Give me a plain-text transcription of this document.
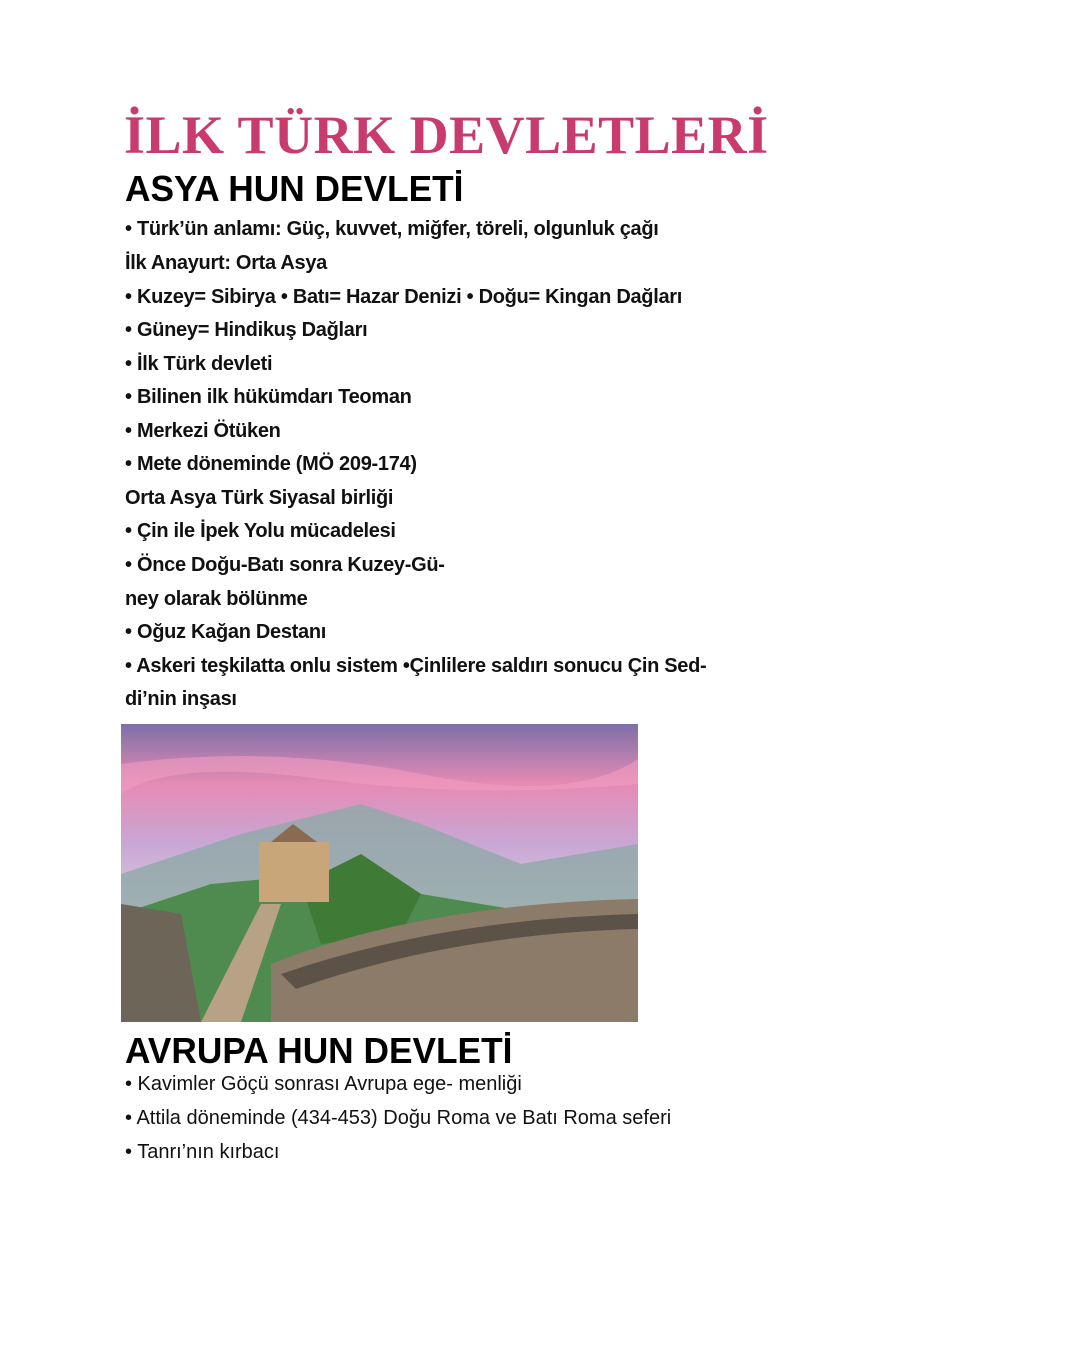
İLK TÜRK DEVLETLERİ
ASYA HUN DEVLETİ
• Türk’ün anlamı: Güç, kuvvet, miğfer, töreli, olgunluk çağı
İlk Anayurt: Orta Asya
• Kuzey= Sibirya • Batı= Hazar Denizi • Doğu= Kingan Dağları
• Güney= Hindikuş Dağları
• İlk Türk devleti
• Bilinen ilk hükümdarı Teoman
• Merkezi Ötüken
• Mete döneminde (MÖ 209-174)
Orta Asya Türk Siyasal birliği
• Çin ile İpek Yolu mücadelesi
• Önce Doğu-Batı sonra Kuzey-Gü-
ney olarak bölünme
• Oğuz Kağan Destanı
• Askeri teşkilatta onlu sistem •Çinlilere saldırı sonucu Çin Sed-
di’nin inşası
AVRUPA HUN DEVLETİ
• Kavimler Göçü sonrası Avrupa ege- menliği
• Attila döneminde (434-453) Doğu Roma ve Batı Roma seferi
• Tanrı’nın kırbacı
